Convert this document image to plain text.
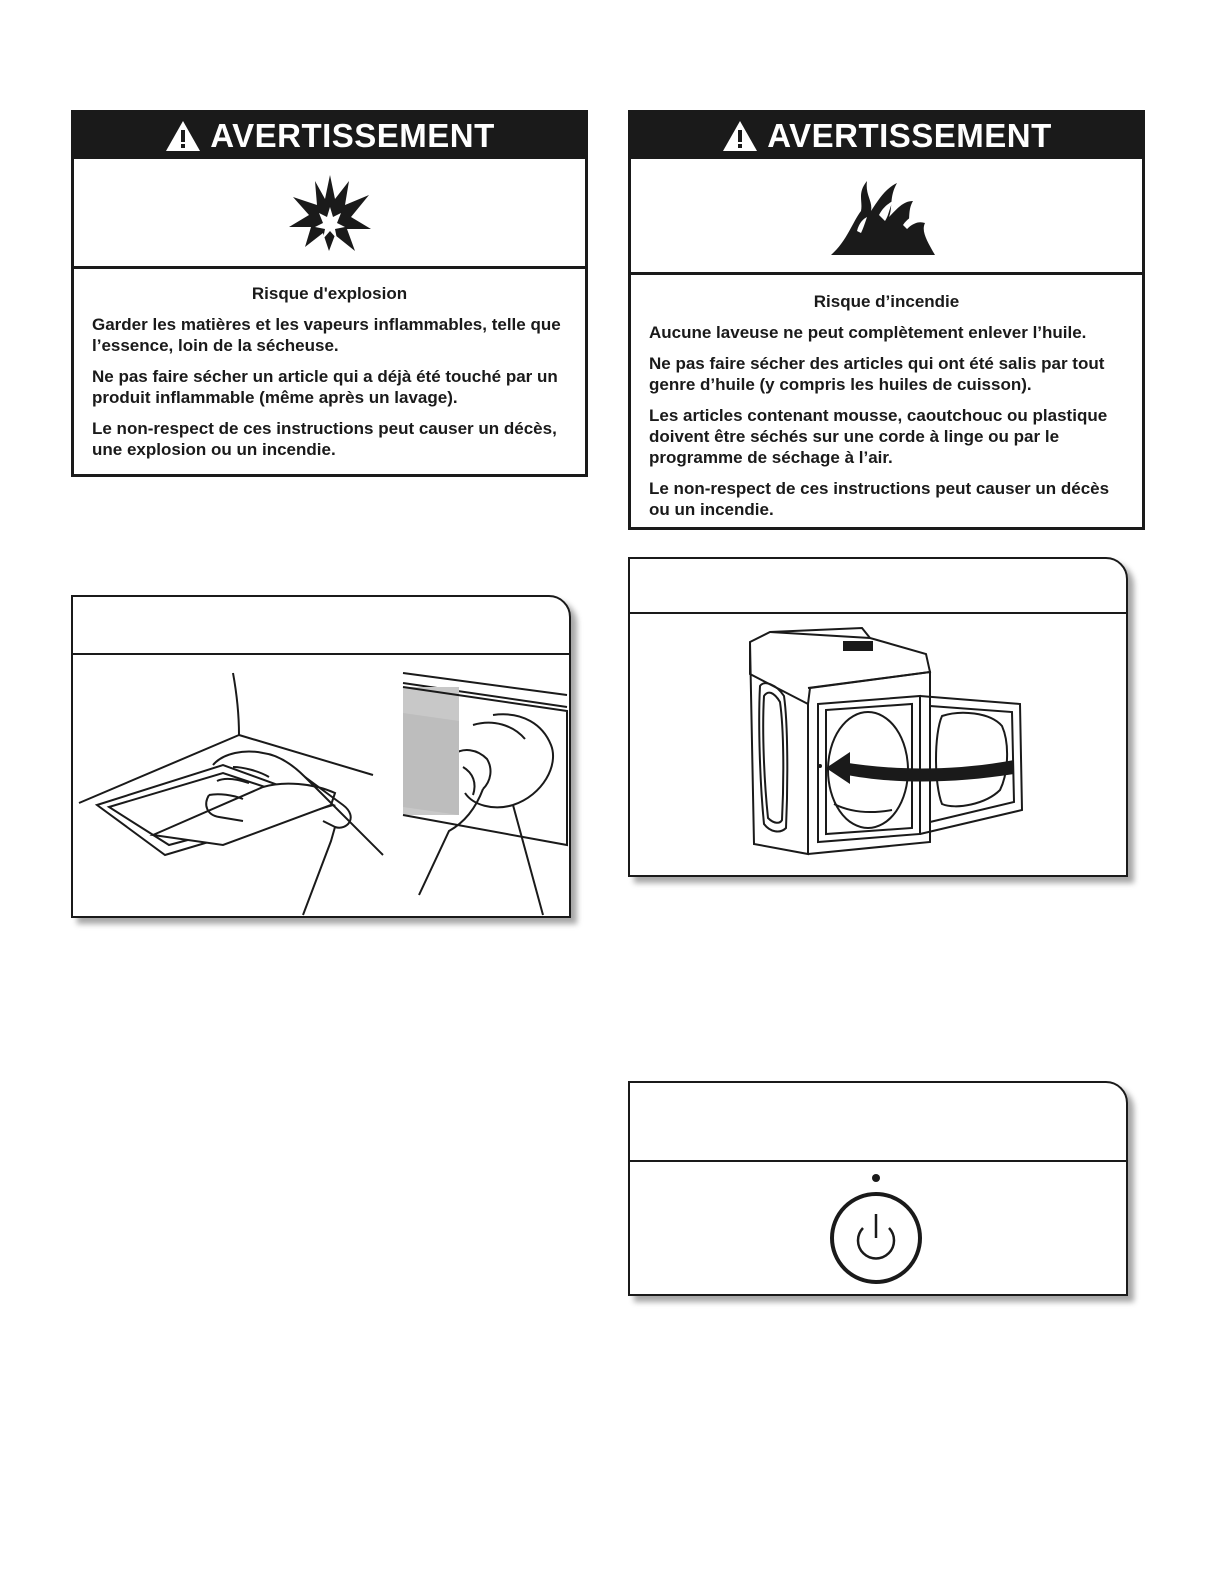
AVERTISSEMENT
Risque d'explosion

Garder les matières et les vapeurs inflammables, telle que l’essence, loin de la sécheuse.

Ne pas faire sécher un article qui a déjà été touché par un produit inflammable (même après un lavage).

Le non-respect de ces instructions peut causer un décès, une explosion ou un incendie.

AVERTISSEMENT
Risque d’incendie

Aucune laveuse ne peut complètement enlever l’huile.

Ne pas faire sécher des articles qui ont été salis par tout genre d’huile (y compris les huiles de cuisson).

Les articles contenant mousse, caoutchouc ou plastique doivent être séchés sur une corde à linge ou par le programme de séchage à l’air.

Le non-respect de ces instructions peut causer un décès ou un incendie.
